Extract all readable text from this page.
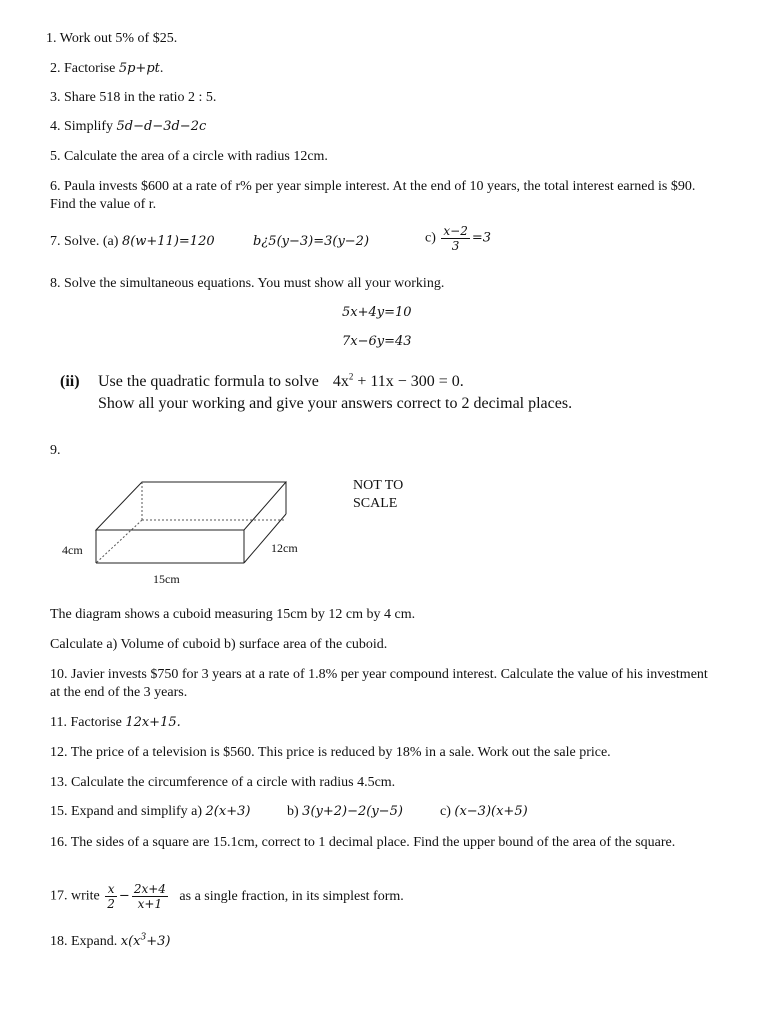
1. Work out 5% of $25.
2. Factorise 5p+pt.
3. Share 518 in the ratio 2 : 5.
4. Simplify 5d−d−3d−2c
5. Calculate the area of a circle with radius 12cm.
6. Paula invests $600 at a rate of r% per year simple interest. At the end of 10 years, the total interest earned is $90. Find the value of r.
7. Solve. (a) 8(w+11)=120	b¿5(y−3)=3(y−2)	$c) \frac{x-2}{3} =3$
8. Solve the simultaneous equations. You must show all your working.
5x+4y=10
7x−6y=43
(ii) Use the quadratic formula to solve $4x^2 + 11x - 300 = 0$.
Show all your working and give your answers correct to 2 decimal places.
9.
4cm	12cm
15cm
NOT TO
SCALE
The diagram shows a cuboid measuring 15cm by 12 cm by 4 cm.
Calculate a) Volume of cuboid b) surface area of the cuboid.
10. Javier invests $750 for 3 years at a rate of 1.8% per year compound interest. Calculate the value of his investment at the end of the 3 years.
11. Factorise 12x+15.
12. The price of a television is $560. This price is reduced by 18% in a sale. Work out the sale price.
13. Calculate the circumference of a circle with radius 4.5cm.
15. Expand and simplify a) 2(x+3)	b) 3(y+2)−2(y−5)	c) (x−3)(x+5)
16. The sides of a square are 15.1cm, correct to 1 decimal place. Find the upper bound of the area of the square.
17. write $\frac{x}{2} - \frac{2x+4}{x+1}$ as a single fraction, in its simplest form.
18. Expand. $x(x^3+3)$
